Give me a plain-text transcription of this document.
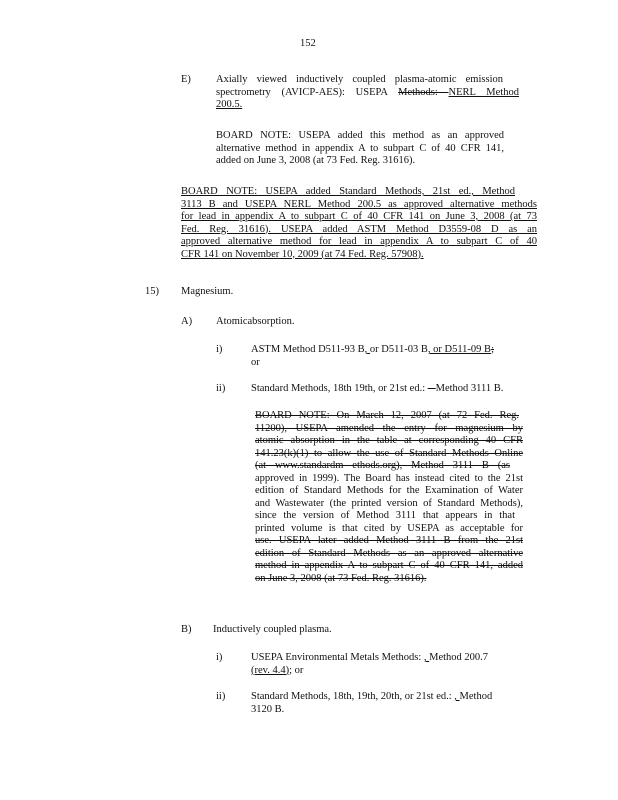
152
E) Axially viewed inductively coupled plasma-atomic emission
spectrometry (AVICP-AES): USEPA Methods: NERL Method
200.5.
BOARD NOTE: USEPA added this method as an approved
alternative method in appendix A to subpart C of 40 CFR 141,
added on June 3, 2008 (at 73 Fed. Reg. 31616).
BOARD NOTE: USEPA added Standard Methods, 21st ed., Method
3113 B and USEPA NERL Method 200.5 as approved alternative methods
for lead in appendix A to subpart C of 40 CFR 141 on June 3, 2008 (at 73
Fed. Reg. 31616). USEPA added ASTM Method D3559-08 D as an
approved alternative method for lead in appendix A to subpart C of 40
CFR 141 on November 10, 2009 (at 74 Fed. Reg. 57908).
15) Magnesium.
A) Atomicabsorption.
i)	ASTM Method D511-93 B, or D511-03 B, or D511-09 B;
or
ii) Standard Methods, 18th 19th, or 21st ed.: – Method 3111 B.
BOARD NOTE: On March 12, 2007 (at 72 Fed. Reg.
11200), USEPA amended the entry for magnesium by
atomic absorption in the table at corresponding 40 CFR
141.23(k)(1) to allow the use of Standard Methods Online
(at www.standardm ethods.org), Method 3111 B (as
approved in 1999). The Board has instead cited to the 21st
edition of Standard Methods for the Examination of Water
and Wastewater (the printed version of Standard Methods),
since the version of Method 3111 that appears in that
printed volume is that cited by USEPA as acceptable for
use. USEPA later added Method 3111 B from the 21st
edition of Standard Methods as an approved alternative
method in appendix A to subpart C of 40 CFR 141, added
on June 3, 2008 (at 73 Fed. Reg. 31616).
B) Inductively coupled plasma.
i)	USEPA Environmental Metals Methods: , Method 200.7
(rev. 4.4); or
ii) Standard Methods, 18th, 19th, 20th, or 21st ed.: , Method
3120 B.
